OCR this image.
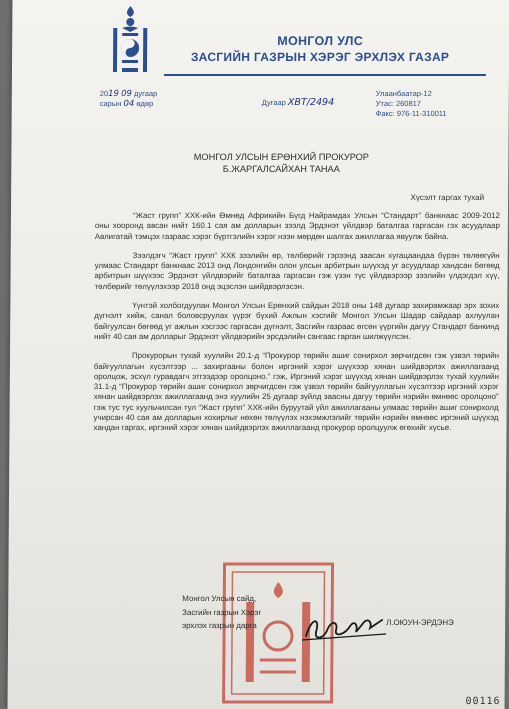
МОНГОЛ УЛС
ЗАСГИЙН ГАЗРЫН ХЭРЭГ ЭРХЛЭХ ГАЗАР
2019 09 дугаар
сарын 04 өдөр	Дугаар ХВТ/2494
Улаанбаатар-12
Утас: 260817
Факс: 976-11-310011
МОНГОЛ УЛСЫН ЕРӨНХИЙ ПРОКУРОР
Б.ЖАРГАЛСАЙХАН ТАНАА
Хүсэлт гаргах тухай

“Жаст групп” ХХК-ийн Өмнөд Африкийн Бүгд Найрамдах Улсын “Стандарт” банкнаас 2009-2012 оны хооронд авсан нийт 160.1 сая ам долларын зээлд Эрдэнэт үйлдвэр баталгаа гаргасан гэх асуудлаар Авлигатай тэмцэх газраас хэрэг бүртгэлийн хэрэг нээн мөрдөн шалгах ажиллагаа явуулж байна.

Зээлдэгч “Жаст групп” ХХК зээлийн өр, төлбөрийг гэрээнд заасан хугацаандаа бүрэн төлөөгүйн улмаас Стандарт банкнаас 2013 онд Лондонгийн олон улсын арбитрын шүүхэд уг асуудлаар хандсан бөгөөд арбитрын шүүхээс Эрдэнэт үйлдвэрийг баталгаа гаргасан гэж үзэн түс үйлдвэрээр зээлийн үлдэгдэл хүү, төлбөрийг төлүүлэхээр 2018 онд эцэслэн шийдвэрлэсэн.

Үүнтэй холбогдуулан Монгол Улсын Ерөнхий сайдын 2018 оны 148 дугаар захирамжаар эрх зохих дүгнэлт хийж, санал боловсруулах үүрэг бүхий Ажлын хэсгийг Монгол Улсын Шадар сайдаар ахлуулан байгуулсан бөгөөд уг ажлын хэсгээс гаргасан дүгнэлт, Засгийн газраас өгсөн үүргийн дагуу Стандарт банкинд нийт 40 сая ам долларыг Эрдэнэт үйлдвэрийн эрсдэлийн сангаас гарган шилжүүлсэн.

Прокурорын тухай хуулийн 20.1-д “Прокурор төрийн ашиг сонирхол зөрчигдсөн гэж үзвэл төрийн байгууллагын хүсэлтээр ... захиргааны болон иргэний хэрэг шүүхээр хянан шийдвэрлэх ажиллагаанд оролцож, эсхүл гуравдагч этгээдээр оролцоно.” гэж, Иргэний хэрэг шүүхэд хянан шийдвэрлэх тухай хуулийн 31.1-д “Прокурор төрийн ашиг сонирхол зөрчигдсөн гэж үзвэл төрийн байгууллагын хүсэлтээр иргэний хэрэг хянан шийдвэрлэх ажиллагаанд энэ хуулийн 25 дугаар зүйлд заасны дагуу төрийн нэрийн өмнөөс оролцоно” гэж тус тус хуульчилсан тул “Жаст групп” ХХК-ийн буруутай үйл ажиллагааны улмаас төрийн ашиг сонирхолд учирсан 40 сая ам долларын хохирлыг нөхөн төлүүлэх нэхэмжлэлийг төрийн нэрийн өмнөөс иргэний шүүхэд хандан гаргах, иргэний хэрэг хянан шийдвэрлэх ажиллагаанд прокурор оролцуулж өгөхийг хүсье.

Монгол Улсын сайд,
Засгийн газрын Хэрэг
эрхлэх газрын дарга	Л.ОЮУН-ЭРДЭНЭ
00116
